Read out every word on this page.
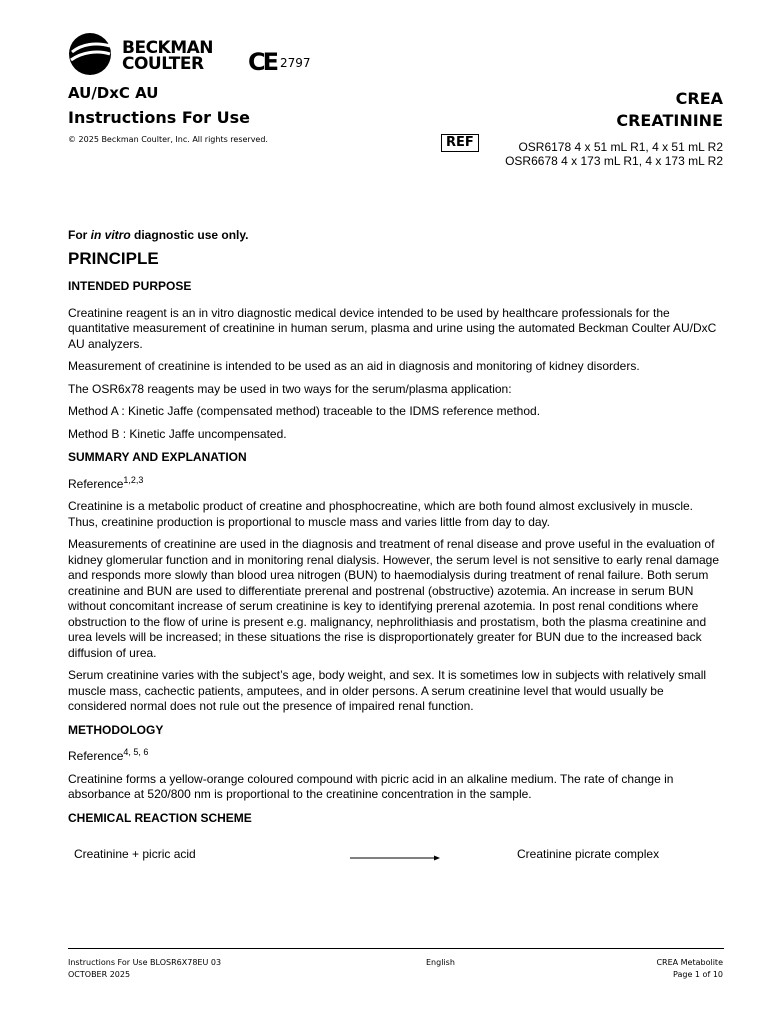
BECKMAN
COULTER	CE 2797
AU/DxC AU
Instructions For Use
© 2025 Beckman Coulter, Inc. All rights reserved.
CREA
CREATININE
REF	OSR6178 4 x 51 mL R1, 4 x 51 mL R2
OSR6678 4 x 173 mL R1, 4 x 173 mL R2

For in vitro diagnostic use only.

PRINCIPLE
INTENDED PURPOSE

Creatinine reagent is an in vitro diagnostic medical device intended to be used by healthcare professionals for the quantitative measurement of creatinine in human serum, plasma and urine using the automated Beckman Coulter AU/DxC AU analyzers.

Measurement of creatinine is intended to be used as an aid in diagnosis and monitoring of kidney disorders.

The OSR6x78 reagents may be used in two ways for the serum/plasma application:

Method A : Kinetic Jaffe (compensated method) traceable to the IDMS reference method.

Method B : Kinetic Jaffe uncompensated.

SUMMARY AND EXPLANATION

Reference$^{1,2,3}$

Creatinine is a metabolic product of creatine and phosphocreatine, which are both found almost exclusively in muscle. Thus, creatinine production is proportional to muscle mass and varies little from day to day.

Measurements of creatinine are used in the diagnosis and treatment of renal disease and prove useful in the evaluation of kidney glomerular function and in monitoring renal dialysis. However, the serum level is not sensitive to early renal damage and responds more slowly than blood urea nitrogen (BUN) to haemodialysis during treatment of renal failure. Both serum creatinine and BUN are used to differentiate prerenal and postrenal (obstructive) azotemia. An increase in serum BUN without concomitant increase of serum creatinine is key to identifying prerenal azotemia. In post renal conditions where obstruction to the flow of urine is present e.g. malignancy, nephrolithiasis and prostatism, both the plasma creatinine and urea levels will be increased; in these situations the rise is disproportionately greater for BUN due to the increased back diffusion of urea.

Serum creatinine varies with the subject’s age, body weight, and sex. It is sometimes low in subjects with relatively small muscle mass, cachectic patients, amputees, and in older persons. A serum creatinine level that would usually be considered normal does not rule out the presence of impaired renal function.

METHODOLOGY

Reference$^{4, 5, 6}$

Creatinine forms a yellow-orange coloured compound with picric acid in an alkaline medium. The rate of change in absorbance at 520/800 nm is proportional to the creatinine concentration in the sample.

CHEMICAL REACTION SCHEME
Creatinine + picric acid	Creatinine picrate complex
Instructions For Use BLOSR6X78EU 03
OCTOBER 2025
English	CREA Metabolite
Page 1 of 10
